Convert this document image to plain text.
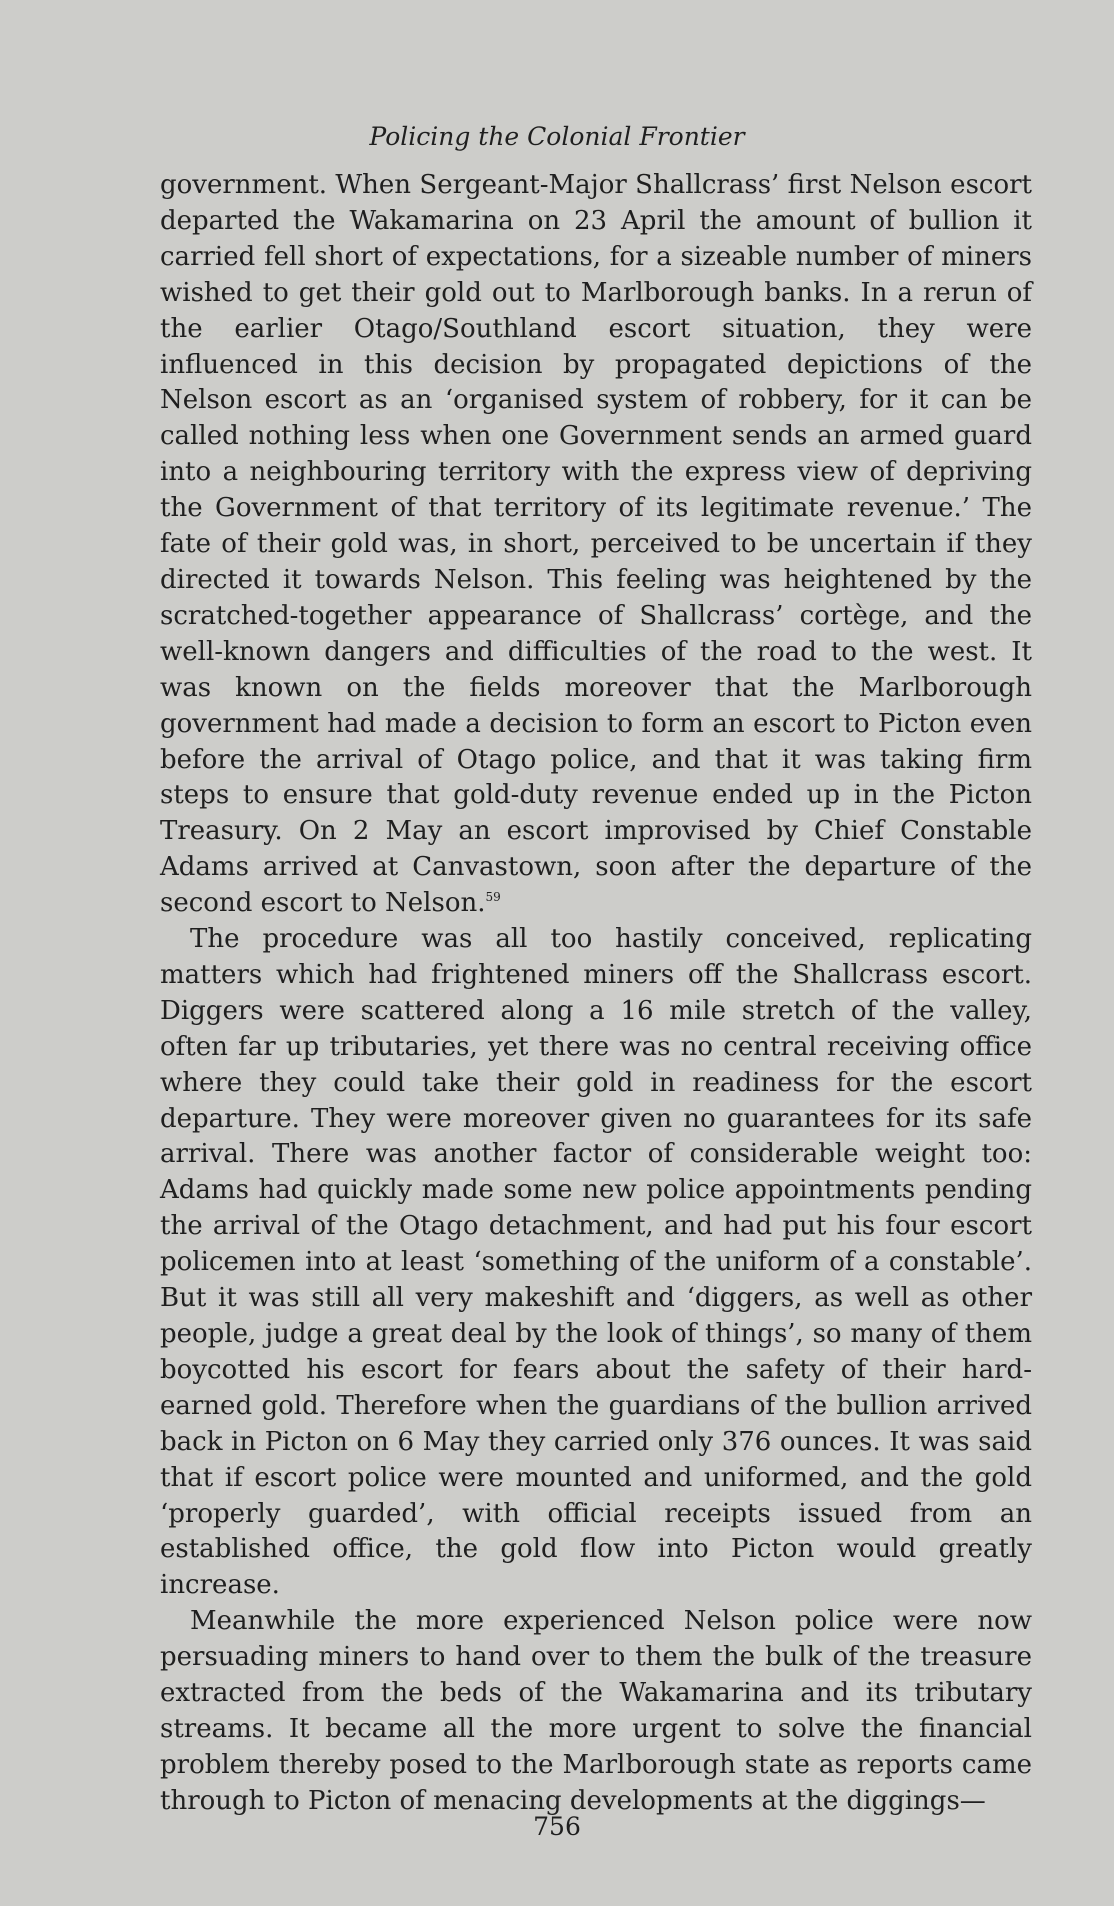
Policing the Colonial Frontier

government. When Sergeant-Major Shallcrass’ first Nelson escort departed the Wakamarina on 23 April the amount of bullion it carried fell short of expectations, for a sizeable number of miners wished to get their gold out to Marlborough banks. In a rerun of the earlier Otago/Southland escort situation, they were influenced in this decision by propagated depictions of the Nelson escort as an ‘organised system of robbery, for it can be called nothing less when one Government sends an armed guard into a neighbouring territory with the express view of depriving the Government of that territory of its legitimate revenue.’ The fate of their gold was, in short, perceived to be uncertain if they directed it towards Nelson. This feeling was heightened by the scratched-together appearance of Shallcrass’ cortège, and the well-known dangers and difficulties of the road to the west. It was known on the fields moreover that the Marlborough government had made a decision to form an escort to Picton even before the arrival of Otago police, and that it was taking firm steps to ensure that gold-duty revenue ended up in the Picton Treasury. On 2 May an escort improvised by Chief Constable Adams arrived at Canvastown, soon after the departure of the second escort to Nelson.$^{59}$

The procedure was all too hastily conceived, replicating matters which had frightened miners off the Shallcrass escort. Diggers were scattered along a 16 mile stretch of the valley, often far up tributaries, yet there was no central receiving office where they could take their gold in readiness for the escort departure. They were moreover given no guarantees for its safe arrival. There was another factor of considerable weight too: Adams had quickly made some new police appointments pending the arrival of the Otago detachment, and had put his four escort policemen into at least ‘something of the uniform of a constable’. But it was still all very makeshift and ‘diggers, as well as other people, judge a great deal by the look of things’, so many of them boycotted his escort for fears about the safety of their hard-earned gold. Therefore when the guardians of the bullion arrived back in Picton on 6 May they carried only 376 ounces. It was said that if escort police were mounted and uniformed, and the gold ‘properly guarded’, with official receipts issued from an established office, the gold flow into Picton would greatly increase.

Meanwhile the more experienced Nelson police were now persuading miners to hand over to them the bulk of the treasure extracted from the beds of the Wakamarina and its tributary streams. It became all the more urgent to solve the financial problem thereby posed to the Marlborough state as reports came through to Picton of menacing developments at the diggings—

756
